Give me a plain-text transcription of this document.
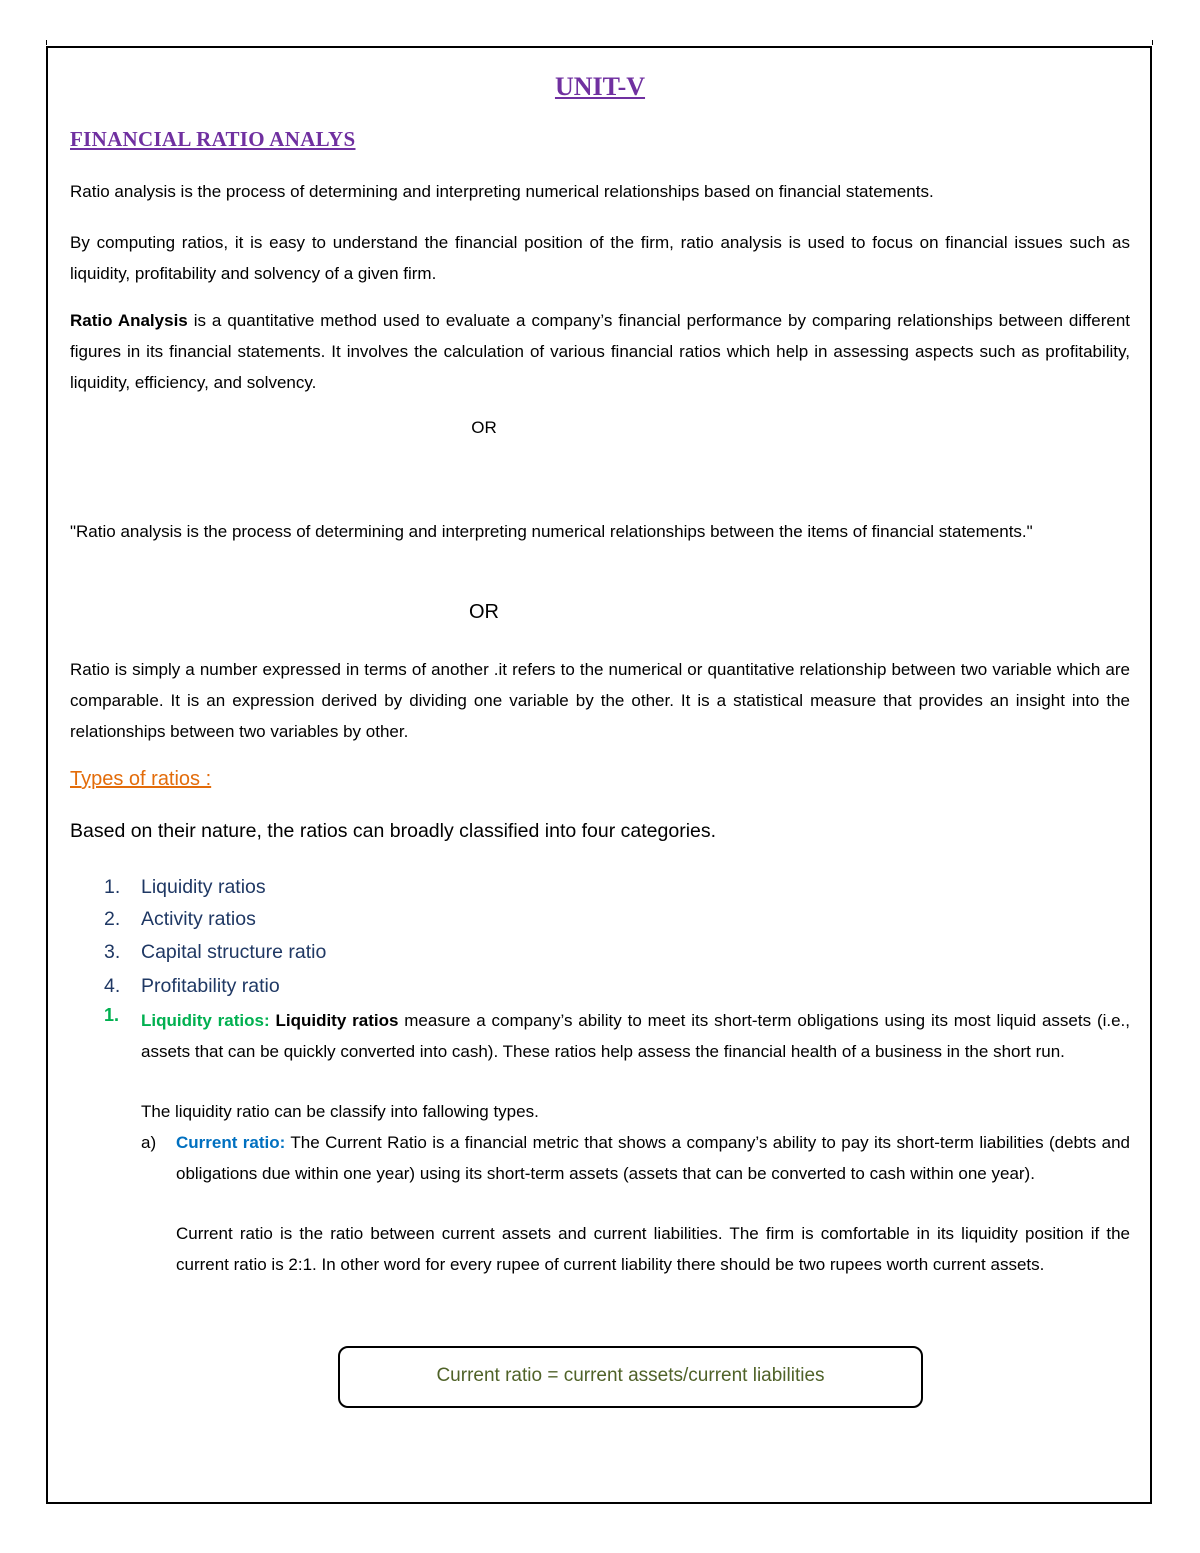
UNIT-V
FINANCIAL RATIO ANALYS
Ratio analysis is the process of determining and interpreting numerical relationships based on financial statements.
By computing ratios, it is easy to understand the financial position of the firm, ratio analysis is used to focus on financial issues such as liquidity, profitability and solvency of a given firm.
Ratio Analysis is a quantitative method used to evaluate a company’s financial performance by comparing relationships between different figures in its financial statements. It involves the calculation of various financial ratios which help in assessing aspects such as profitability, liquidity, efficiency, and solvency.
OR
"Ratio analysis is the process of determining and interpreting numerical relationships between the items of financial statements."
OR
Ratio is simply a number expressed in terms of another .it refers to the numerical or quantitative relationship between two variable which are comparable. It is an expression derived by dividing one variable by the other. It is a statistical measure that provides an insight into the relationships between two variables by other.
Types of ratios :
Based on their nature, the ratios can broadly classified into four categories.
1. Liquidity ratios
2. Activity ratios
3. Capital structure ratio
4. Profitability ratio
1. Liquidity ratios: Liquidity ratios measure a company’s ability to meet its short-term obligations using its most liquid assets (i.e., assets that can be quickly converted into cash). These ratios help assess the financial health of a business in the short run.
The liquidity ratio can be classify into fallowing types.
a) Current ratio: The Current Ratio is a financial metric that shows a company’s ability to pay its short-term liabilities (debts and obligations due within one year) using its short-term assets (assets that can be converted to cash within one year).
Current ratio is the ratio between current assets and current liabilities. The firm is comfortable in its liquidity position if the current ratio is 2:1. In other word for every rupee of current liability there should be two rupees worth current assets.
Current ratio = current assets/current liabilities
